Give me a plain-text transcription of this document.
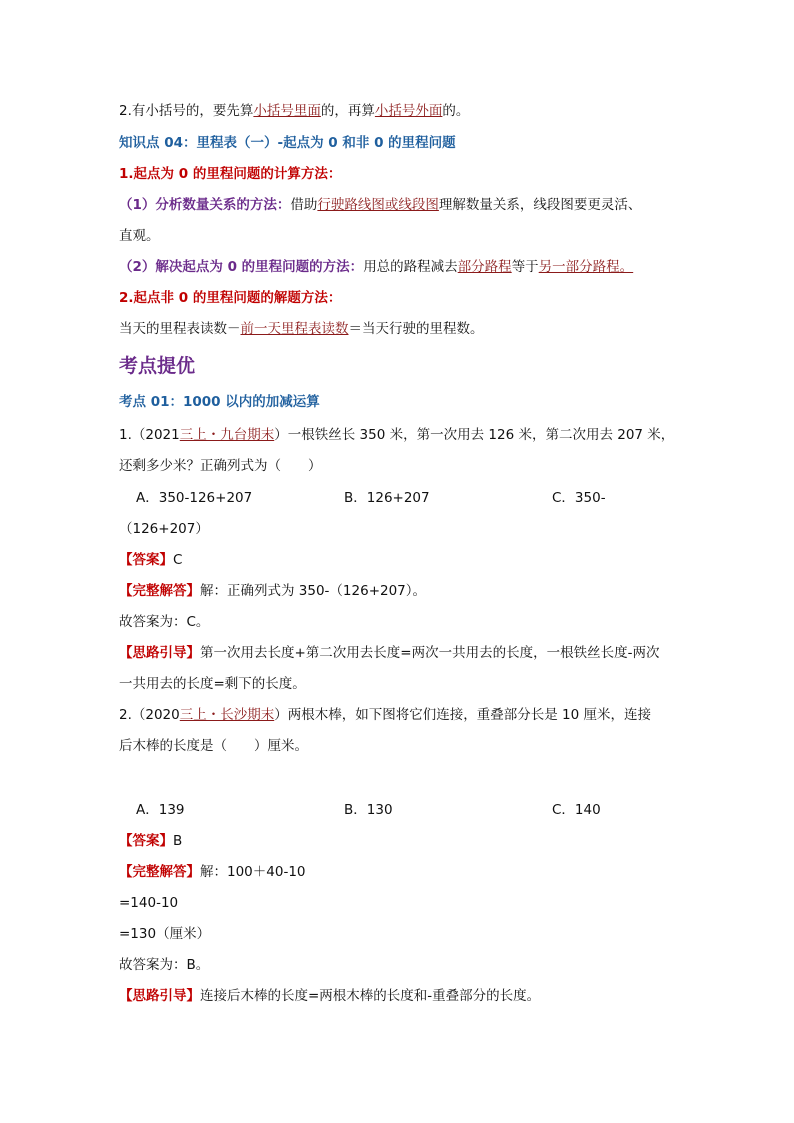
2.有小括号的，要先算小括号里面的，再算小括号外面的。
知识点 04：里程表（一）-起点为 0 和非 0 的里程问题
1.起点为 0 的里程问题的计算方法：
（1）分析数量关系的方法：借助行驶路线图或线段图理解数量关系，线段图要更灵活、
直观。
（2）解决起点为 0 的里程问题的方法：用总的路程减去部分路程等于另一部分路程。
2.起点非 0 的里程问题的解题方法：
当天的里程表读数－前一天里程表读数＝当天行驶的里程数。
考点提优
考点 01：1000 以内的加减运算
1.（2021三上・九台期末）一根铁丝长 350 米，第一次用去 126 米，第二次用去 207 米，
还剩多少米？正确列式为（　　）
A．350-126+207	B．126+207	C．350-
（126+207）
【答案】C
【完整解答】解：正确列式为 350-（126+207）。
故答案为：C。
【思路引导】第一次用去长度+第二次用去长度=两次一共用去的长度，一根铁丝长度-两次
一共用去的长度=剩下的长度。
2.（2020三上・长沙期末）两根木棒，如下图将它们连接，重叠部分长是 10 厘米，连接
后木棒的长度是（　　）厘米。
A．139	B．130	C．140
【答案】B
【完整解答】解：100＋40-10
=140-10
=130（厘米）
故答案为：B。
【思路引导】连接后木棒的长度=两根木棒的长度和-重叠部分的长度。
